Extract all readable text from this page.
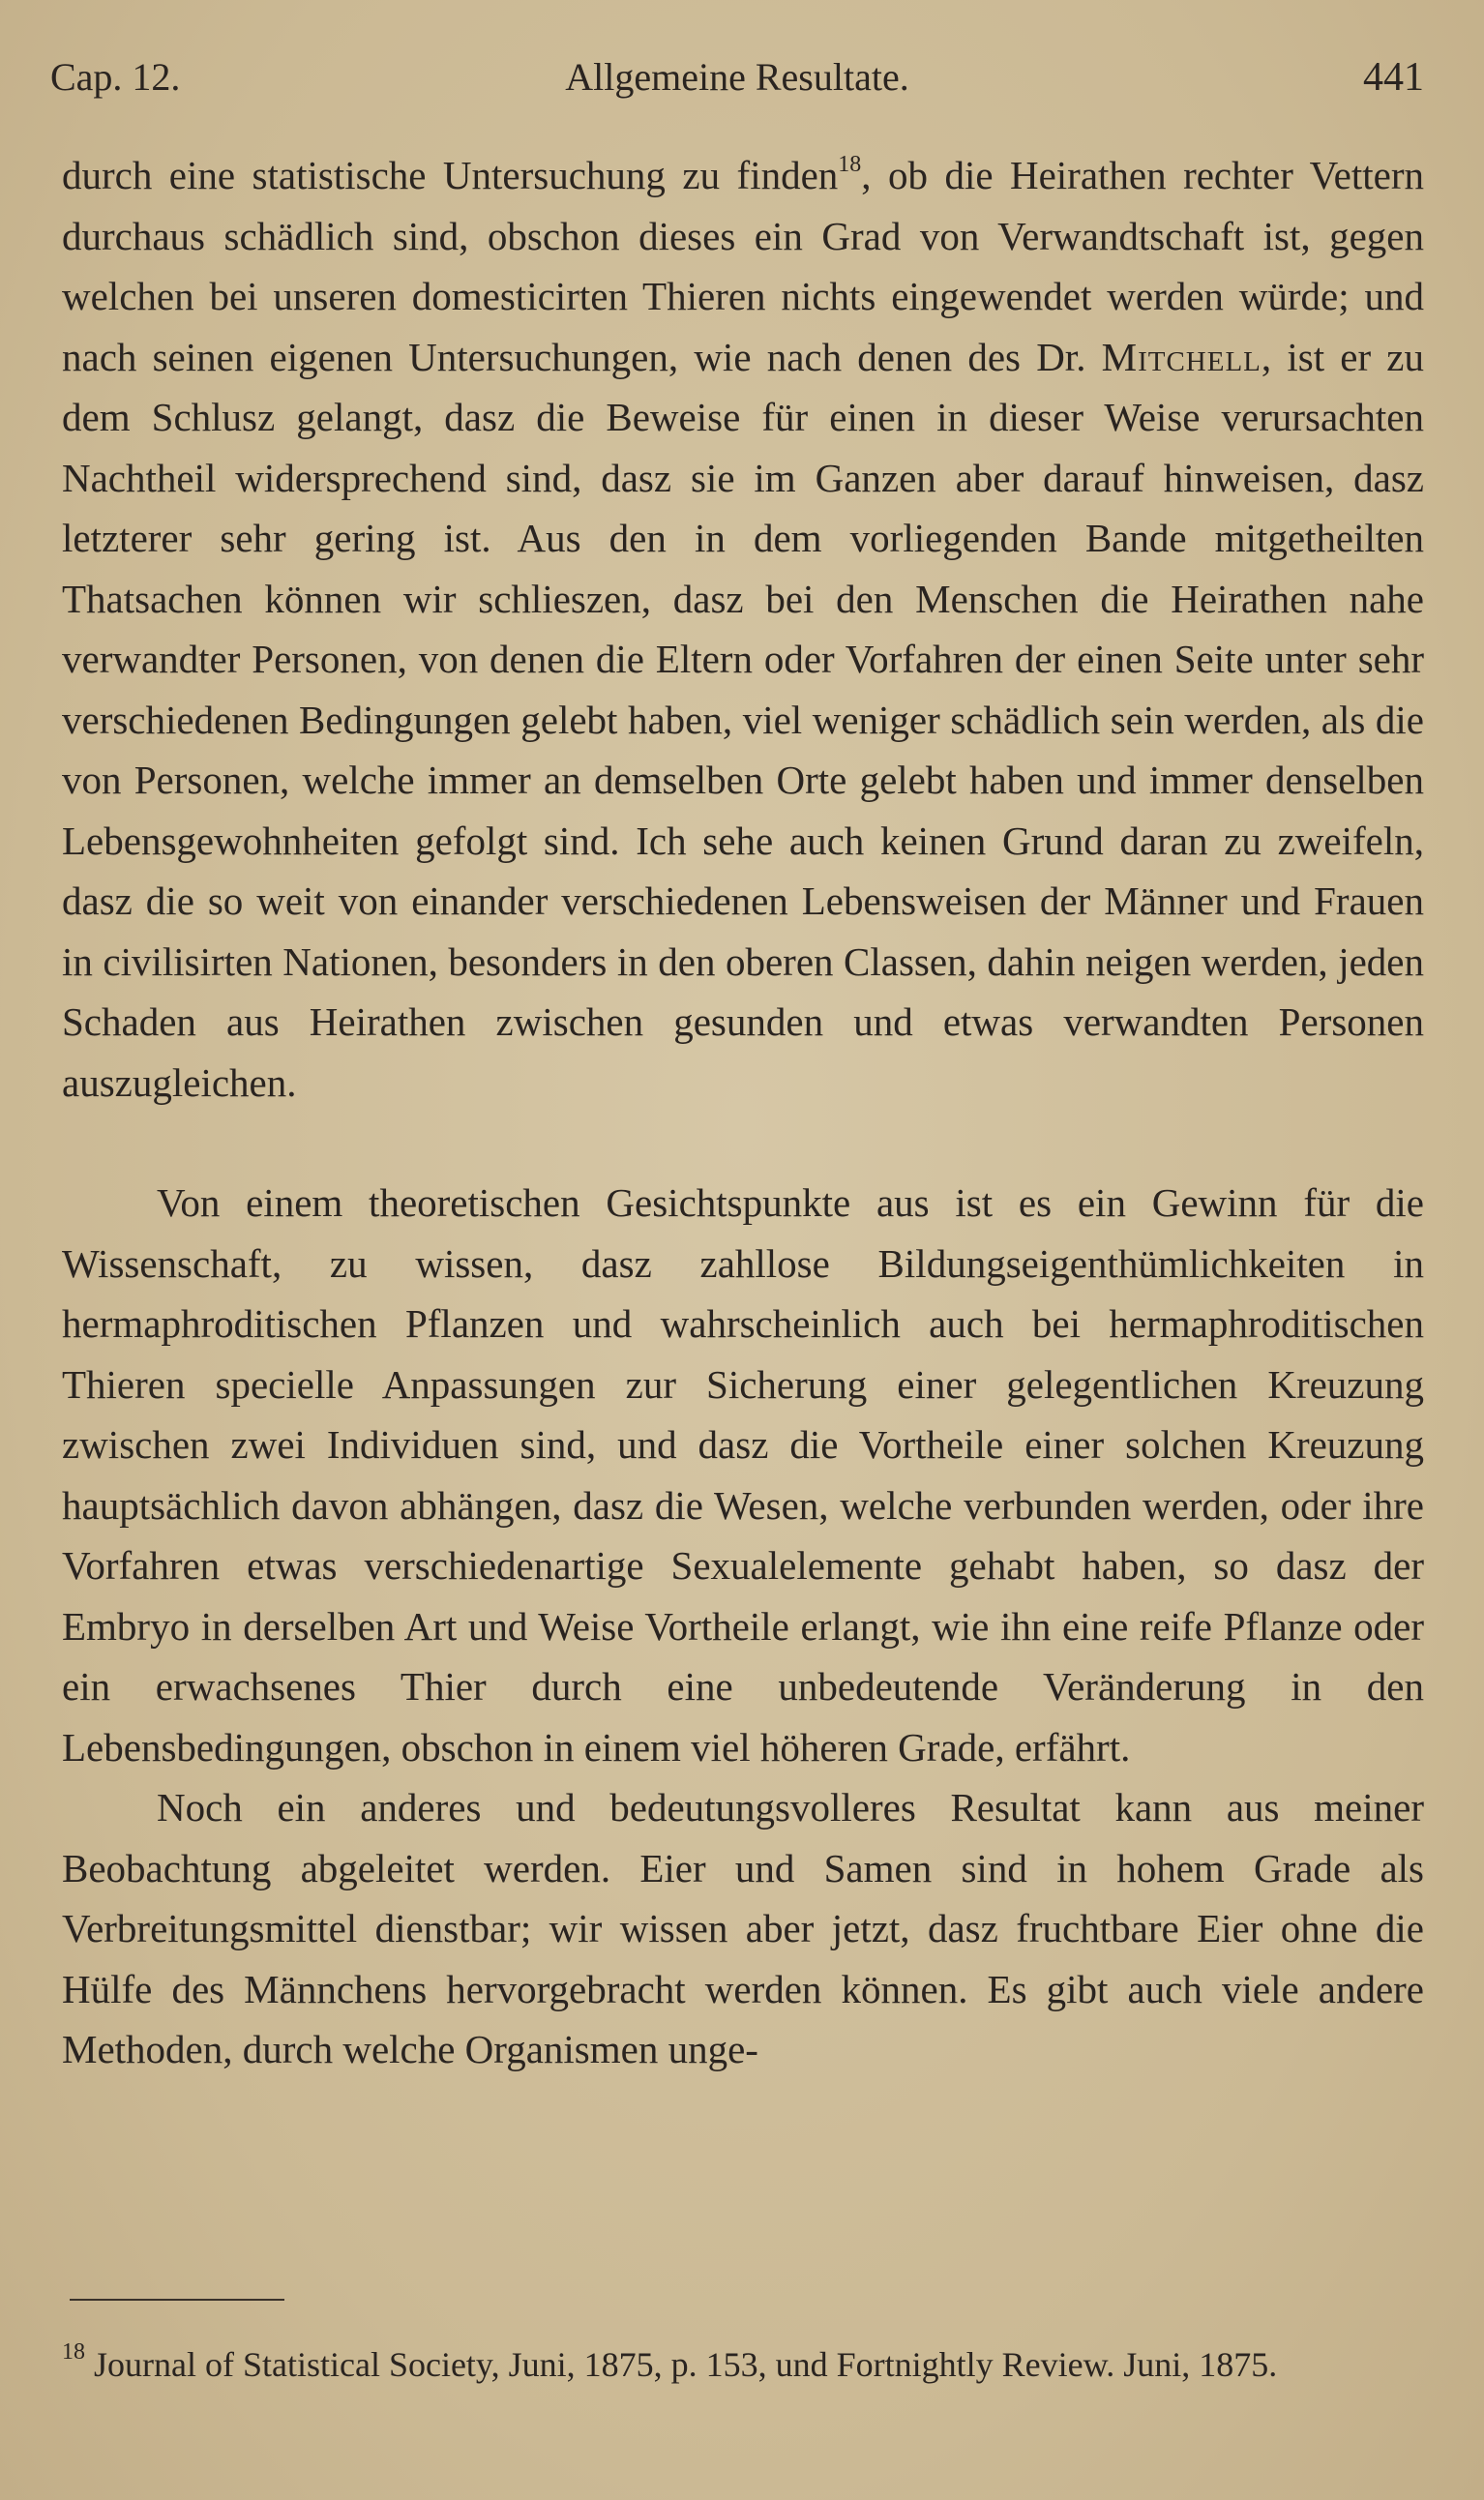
Cap. 12.	Allgemeine Resultate.	441

durch eine statistische Untersuchung zu finden$^{18}$, ob die Heirathen rechter Vettern durchaus schädlich sind, obschon dieses ein Grad von Verwandtschaft ist, gegen welchen bei unseren domesticirten Thieren nichts eingewendet werden würde; und nach seinen eigenen Untersuchungen, wie nach denen des Dr. Mitchell, ist er zu dem Schlusz gelangt, dasz die Beweise für einen in dieser Weise verursachten Nachtheil widersprechend sind, dasz sie im Ganzen aber darauf hinweisen, dasz letzterer sehr gering ist. Aus den in dem vorliegenden Bande mitgetheilten Thatsachen können wir schlieszen, dasz bei den Menschen die Heirathen nahe verwandter Personen, von denen die Eltern oder Vorfahren der einen Seite unter sehr verschiedenen Bedingungen gelebt haben, viel weniger schädlich sein werden, als die von Personen, welche immer an demselben Orte gelebt haben und immer denselben Lebensgewohnheiten gefolgt sind. Ich sehe auch keinen Grund daran zu zweifeln, dasz die so weit von einander verschiedenen Lebensweisen der Männer und Frauen in civilisirten Nationen, besonders in den oberen Classen, dahin neigen werden, jeden Schaden aus Heirathen zwischen gesunden und etwas verwandten Personen auszugleichen.

Von einem theoretischen Gesichtspunkte aus ist es ein Gewinn für die Wissenschaft, zu wissen, dasz zahllose Bildungseigenthümlichkeiten in hermaphroditischen Pflanzen und wahrscheinlich auch bei hermaphroditischen Thieren specielle Anpassungen zur Sicherung einer gelegentlichen Kreuzung zwischen zwei Individuen sind, und dasz die Vortheile einer solchen Kreuzung hauptsächlich davon abhängen, dasz die Wesen, welche verbunden werden, oder ihre Vorfahren etwas verschiedenartige Sexualelemente gehabt haben, so dasz der Embryo in derselben Art und Weise Vortheile erlangt, wie ihn eine reife Pflanze oder ein erwachsenes Thier durch eine unbedeutende Veränderung in den Lebensbedingungen, obschon in einem viel höheren Grade, erfährt.

Noch ein anderes und bedeutungsvolleres Resultat kann aus meiner Beobachtung abgeleitet werden. Eier und Samen sind in hohem Grade als Verbreitungsmittel dienstbar; wir wissen aber jetzt, dasz fruchtbare Eier ohne die Hülfe des Männchens hervorgebracht werden können. Es gibt auch viele andere Methoden, durch welche Organismen unge-

$^{18}$ Journal of Statistical Society, Juni, 1875, p. 153, und Fortnightly Review. Juni, 1875.
